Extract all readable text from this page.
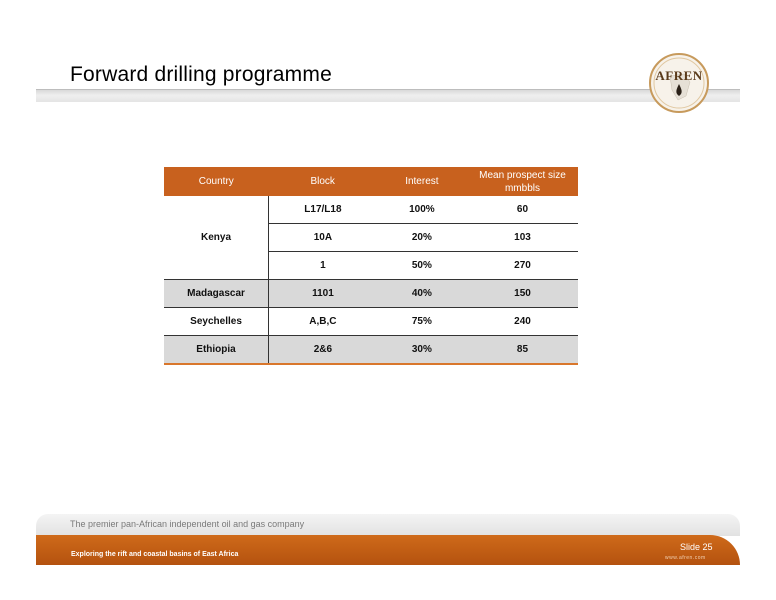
Forward drilling programme	AFREN
Country	Block	Interest	Mean prospect size
mmbbls
Kenya	L17/L18	100%	60
	10A	20%	103
	1	50%	270
Madagascar	1101	40%	150
Seychelles	A,B,C	75%	240
Ethiopia	2&6	30%	85
The premier pan-African independent oil and gas company
Exploring the rift and coastal basins of East Africa
Slide 25
www.afren.com
